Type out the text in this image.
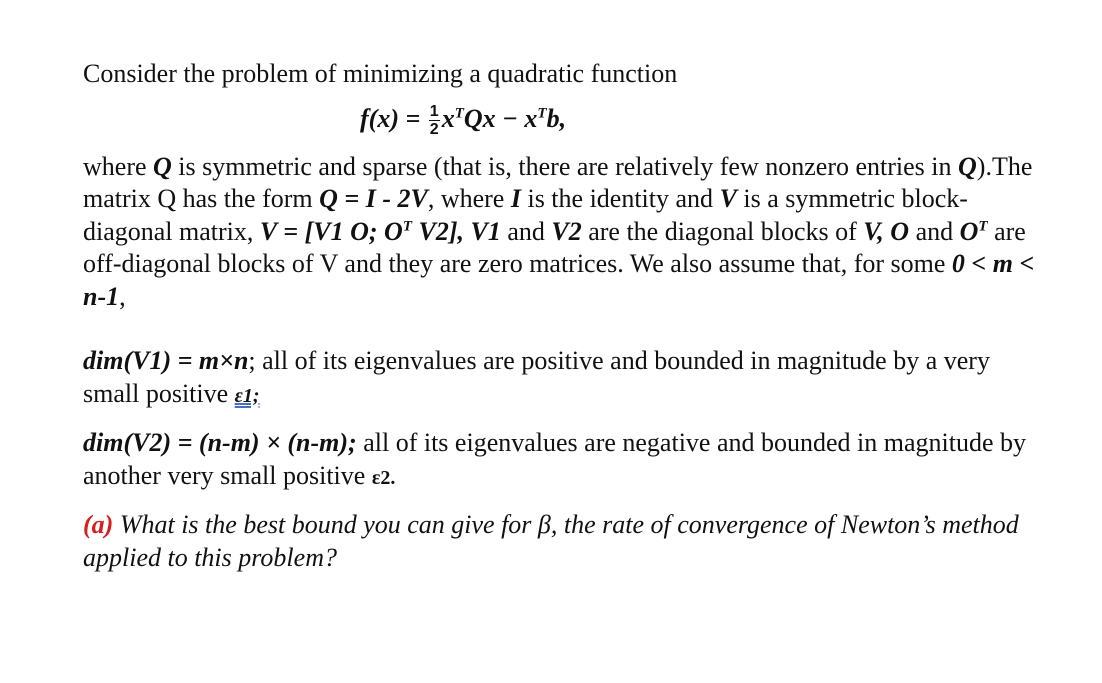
Consider the problem of minimizing a quadratic function

$f(x) = \frac{1}{2} x^TQx - x^Tb$,

where Q is symmetric and sparse (that is, there are relatively few nonzero entries in Q).The matrix Q has the form Q = I - 2V, where I is the identity and V is a symmetric block-diagonal matrix, V = [V1 O; $O^T$ V2], V1 and V2 are the diagonal blocks of V, O and $O^T$ are off-diagonal blocks of V and they are zero matrices. We also assume that, for some 0 < m < n-1,

dim(V1) = m×n; all of its eigenvalues are positive and bounded in magnitude by a very small positive ε1;

dim(V2) = (n-m) × (n-m); all of its eigenvalues are negative and bounded in magnitude by another very small positive ε2.

(a) What is the best bound you can give for β, the rate of convergence of Newton’s method applied to this problem?
